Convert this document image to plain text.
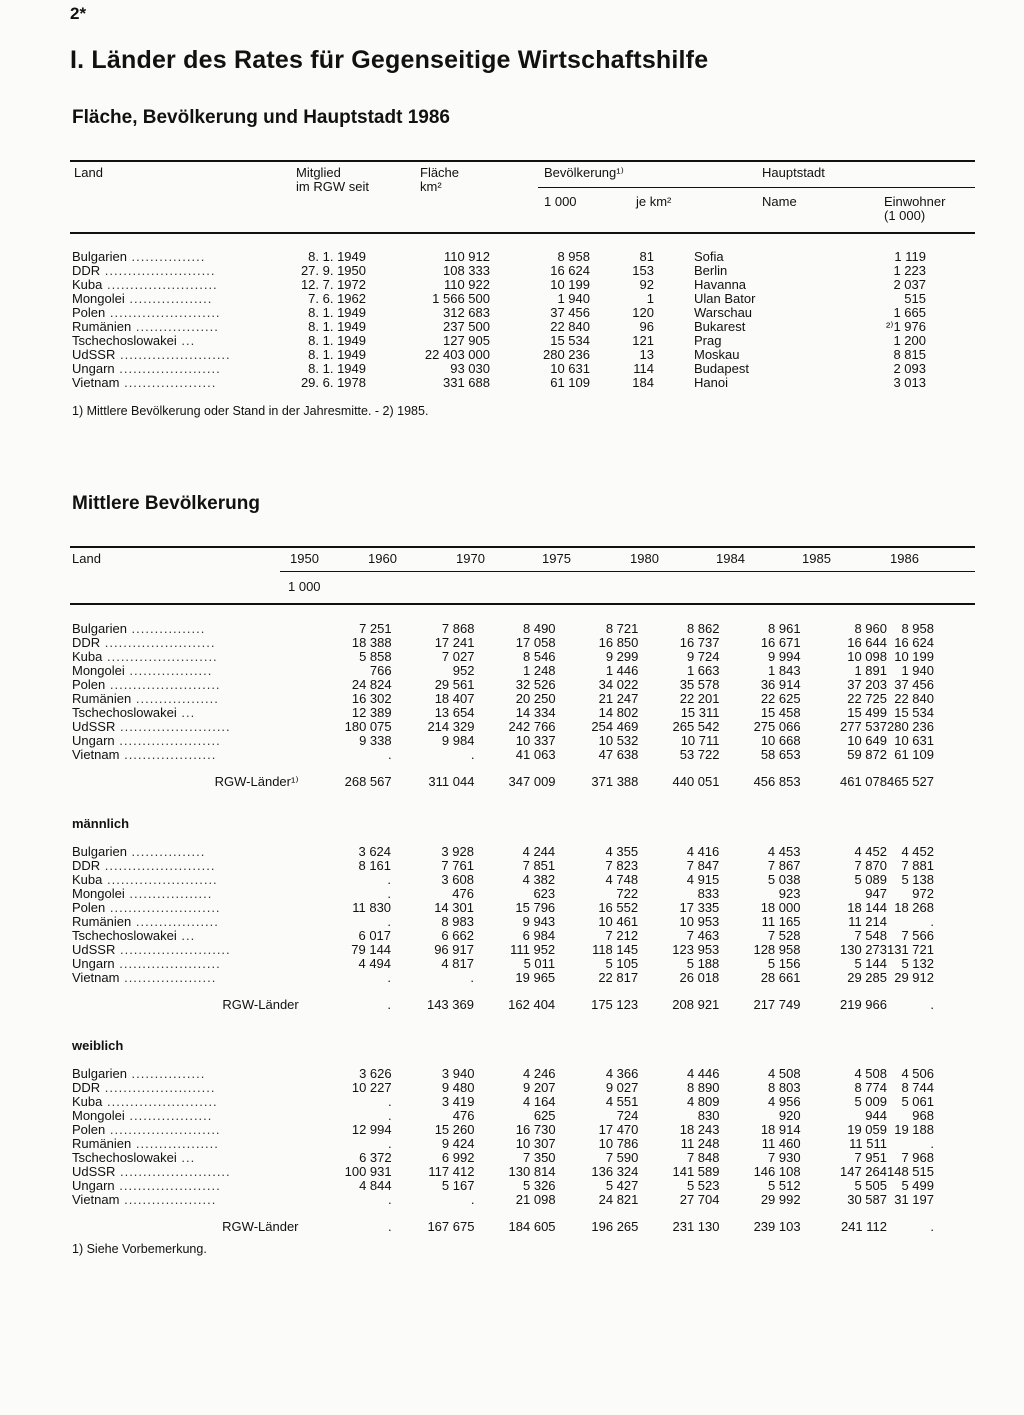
2*
I. Länder des Rates für Gegenseitige Wirtschaftshilfe
Fläche, Bevölkerung und Hauptstadt 1986
Land	Mitglied
im RGW seit
Fläche
km²
Bevölkerung¹⁾
1 000	je km²
Hauptstadt
Name	Einwohner
(1 000)
Bulgarien ................	8. 1. 1949	110 912	8 958	81	Sofia	1 119
DDR ........................	27. 9. 1950	108 333	16 624	153	Berlin	1 223
Kuba ........................	12. 7. 1972	110 922	10 199	92	Havanna	2 037
Mongolei ..................	7. 6. 1962	1 566 500	1 940	1	Ulan Bator	515
Polen ........................	8. 1. 1949	312 683	37 456	120	Warschau	1 665
Rumänien ..................	8. 1. 1949	237 500	22 840	96	Bukarest	²⁾1 976
Tschechoslowakei ...	8. 1. 1949	127 905	15 534	121	Prag	1 200
UdSSR ........................	8. 1. 1949	22 403 000	280 236	13	Moskau	8 815
Ungarn ......................	8. 1. 1949	93 030	10 631	114	Budapest	2 093
Vietnam ....................	29. 6. 1978	331 688	61 109	184	Hanoi	3 013
1) Mittlere Bevölkerung oder Stand in der Jahresmitte. - 2) 1985.
Mittlere Bevölkerung
Land	1950	1960	1970	1975	1980	1984	1985	1986
1 000
Bulgarien ................		7 251	7 868	8 490	8 721	8 862	8 961	8 960	8 958
DDR ........................		18 388	17 241	17 058	16 850	16 737	16 671	16 644	16 624
Kuba ........................		5 858	7 027	8 546	9 299	9 724	9 994	10 098	10 199
Mongolei ..................		766	952	1 248	1 446	1 663	1 843	1 891	1 940
Polen ........................		24 824	29 561	32 526	34 022	35 578	36 914	37 203	37 456
Rumänien ..................		16 302	18 407	20 250	21 247	22 201	22 625	22 725	22 840
Tschechoslowakei ...		12 389	13 654	14 334	14 802	15 311	15 458	15 499	15 534
UdSSR ........................		180 075	214 329	242 766	254 469	265 542	275 066	277 537	280 236
Ungarn ......................		9 338	9 984	10 337	10 532	10 711	10 668	10 649	10 631
Vietnam ....................		.	.	41 063	47 638	53 722	58 653	59 872	61 109

RGW-Länder¹⁾		268 567	311 044	347 009	371 388	440 051	456 853	461 078	465 527
männlich
Bulgarien ................		3 624	3 928	4 244	4 355	4 416	4 453	4 452	4 452
DDR ........................		8 161	7 761	7 851	7 823	7 847	7 867	7 870	7 881
Kuba ........................		.	3 608	4 382	4 748	4 915	5 038	5 089	5 138
Mongolei ..................		.	476	623	722	833	923	947	972
Polen ........................		11 830	14 301	15 796	16 552	17 335	18 000	18 144	18 268
Rumänien ..................		.	8 983	9 943	10 461	10 953	11 165	11 214	.
Tschechoslowakei ...		6 017	6 662	6 984	7 212	7 463	7 528	7 548	7 566
UdSSR ........................		79 144	96 917	111 952	118 145	123 953	128 958	130 273	131 721
Ungarn ......................		4 494	4 817	5 011	5 105	5 188	5 156	5 144	5 132
Vietnam ....................		.	.	19 965	22 817	26 018	28 661	29 285	29 912

RGW-Länder		.	143 369	162 404	175 123	208 921	217 749	219 966	.
weiblich
Bulgarien ................		3 626	3 940	4 246	4 366	4 446	4 508	4 508	4 506
DDR ........................		10 227	9 480	9 207	9 027	8 890	8 803	8 774	8 744
Kuba ........................		.	3 419	4 164	4 551	4 809	4 956	5 009	5 061
Mongolei ..................		.	476	625	724	830	920	944	968
Polen ........................		12 994	15 260	16 730	17 470	18 243	18 914	19 059	19 188
Rumänien ..................		.	9 424	10 307	10 786	11 248	11 460	11 511	.
Tschechoslowakei ...		6 372	6 992	7 350	7 590	7 848	7 930	7 951	7 968
UdSSR ........................		100 931	117 412	130 814	136 324	141 589	146 108	147 264	148 515
Ungarn ......................		4 844	5 167	5 326	5 427	5 523	5 512	5 505	5 499
Vietnam ....................		.	.	21 098	24 821	27 704	29 992	30 587	31 197

RGW-Länder		.	167 675	184 605	196 265	231 130	239 103	241 112	.
1) Siehe Vorbemerkung.
